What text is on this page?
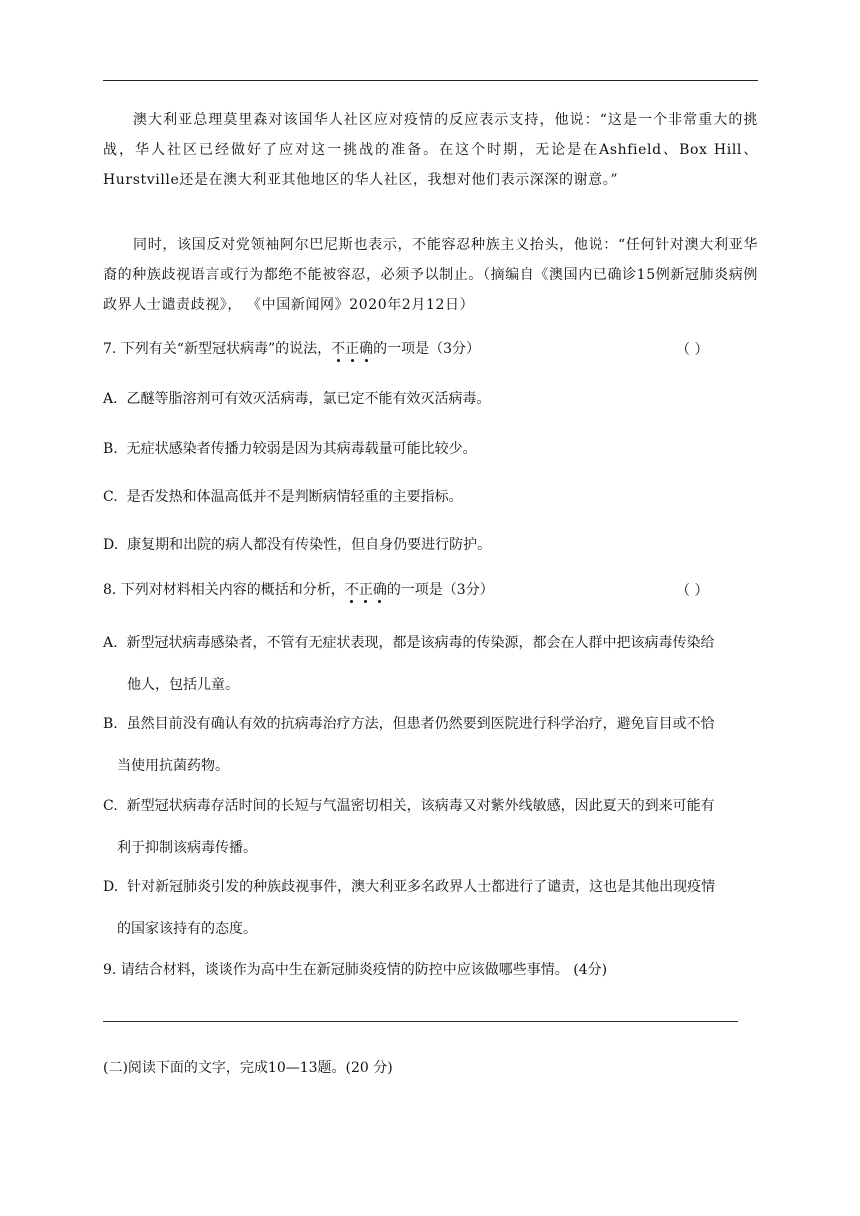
澳大利亚总理莫里森对该国华人社区应对疫情的反应表示支持，他说：“这是一个非常重大的挑战，华人社区已经做好了应对这一挑战的准备。在这个时期，无论是在Ashfield、Box Hill、Hurstville还是在澳大利亚其他地区的华人社区，我想对他们表示深深的谢意。”
同时，该国反对党领袖阿尔巴尼斯也表示，不能容忍种族主义抬头，他说：“任何针对澳大利亚华裔的种族歧视语言或行为都绝不能被容忍，必须予以制止。（摘编自《澳国内已确诊15例新冠肺炎病例 政界人士谴责歧视》， 《中国新闻网》2020年2月12日）
7. 下列有关“新型冠状病毒”的说法，不正确的一项是（3分）	（ ）
A. 乙醚等脂溶剂可有效灭活病毒，氯已定不能有效灭活病毒。
B. 无症状感染者传播力较弱是因为其病毒载量可能比较少。
C. 是否发热和体温高低并不是判断病情轻重的主要指标。
D. 康复期和出院的病人都没有传染性，但自身仍要进行防护。
8. 下列对材料相关内容的概括和分析，不正确的一项是（3分）	（ ）
A. 新型冠状病毒感染者，不管有无症状表现，都是该病毒的传染源，都会在人群中把该病毒传染给
他人，包括儿童。
B. 虽然目前没有确认有效的抗病毒治疗方法，但患者仍然要到医院进行科学治疗，避免盲目或不恰
当使用抗菌药物。
C. 新型冠状病毒存活时间的长短与气温密切相关，该病毒又对紫外线敏感，因此夏天的到来可能有
利于抑制该病毒传播。
D. 针对新冠肺炎引发的种族歧视事件，澳大利亚多名政界人士都进行了谴责，这也是其他出现疫情
的国家该持有的态度。
9. 请结合材料，谈谈作为高中生在新冠肺炎疫情的防控中应该做哪些事情。 (4分)
(二)阅读下面的文字，完成10—13题。(20 分)
